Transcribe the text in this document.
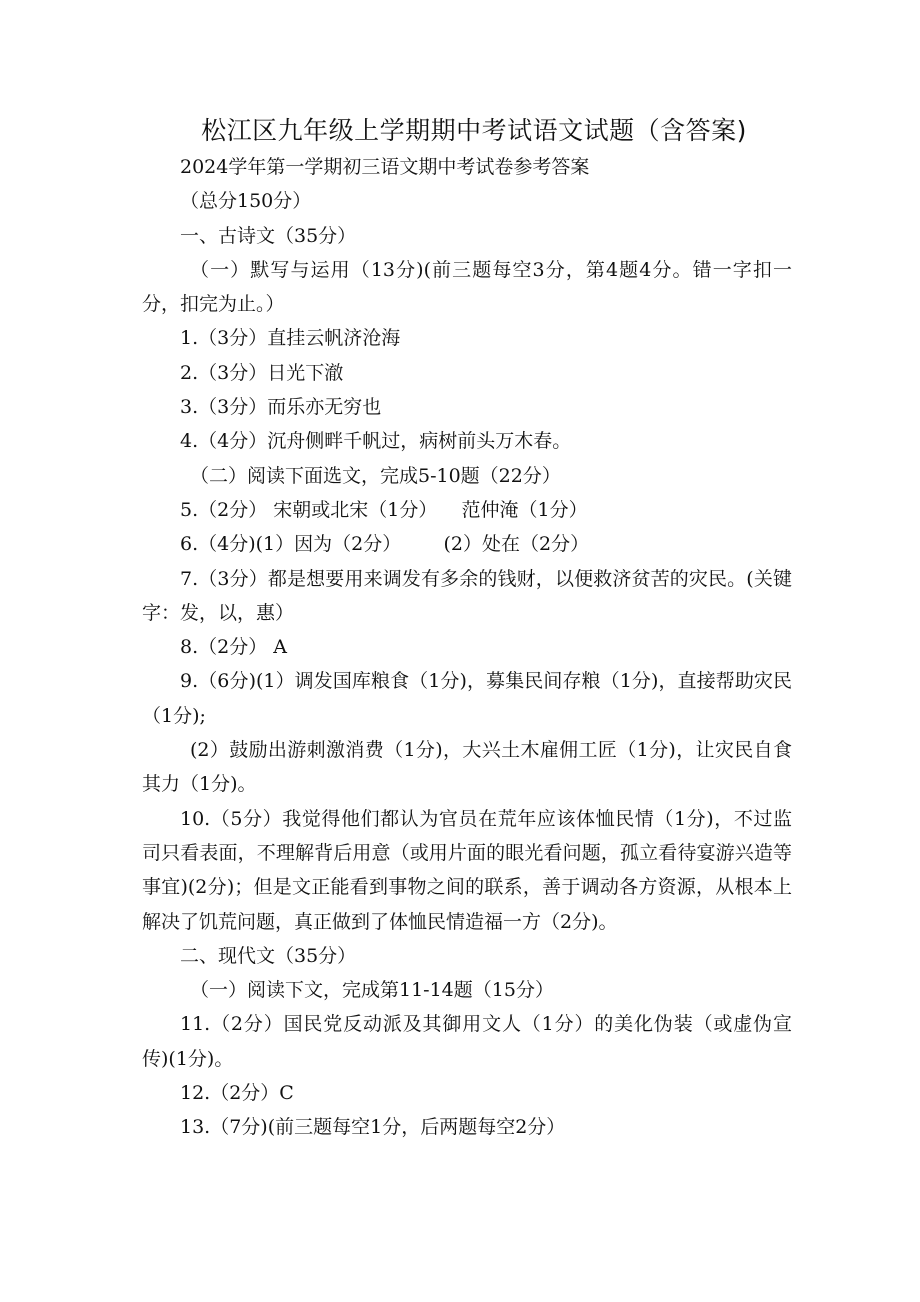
松江区九年级上学期期中考试语文试题（含答案)

2024学年第一学期初三语文期中考试卷参考答案

（总分150分）

一、古诗文（35分）

（一）默写与运用（13分)(前三题每空3分，第4题4分。错一字扣一分，扣完为止。）

1.（3分）直挂云帆济沧海

2.（3分）日光下澈

3.（3分）而乐亦无穷也

4.（4分）沉舟侧畔千帆过，病树前头万木春。

（二）阅读下面选文，完成5-10题（22分）

5.（2分） 宋朝或北宋（1分）    范仲淹（1分）

6.（4分)(1）因为（2分）       (2）处在（2分）

7.（3分）都是想要用来调发有多余的钱财，以便救济贫苦的灾民。(关键字：发，以，惠）

8.（2分） A

9.（6分)(1）调发国库粮食（1分)，募集民间存粮（1分)，直接帮助灾民（1分);

(2）鼓励出游刺激消费（1分)，大兴土木雇佣工匠（1分)，让灾民自食其力（1分)。

10.（5分）我觉得他们都认为官员在荒年应该体恤民情（1分)，不过监司只看表面，不理解背后用意（或用片面的眼光看问题，孤立看待宴游兴造等事宜)(2分)；但是文正能看到事物之间的联系，善于调动各方资源，从根本上解决了饥荒问题，真正做到了体恤民情造福一方（2分)。

二、现代文（35分）

（一）阅读下文，完成第11-14题（15分）

11.（2分）国民党反动派及其御用文人（1分）的美化伪装（或虚伪宣传)(1分)。

12.（2分）C

13.（7分)(前三题每空1分，后两题每空2分）
